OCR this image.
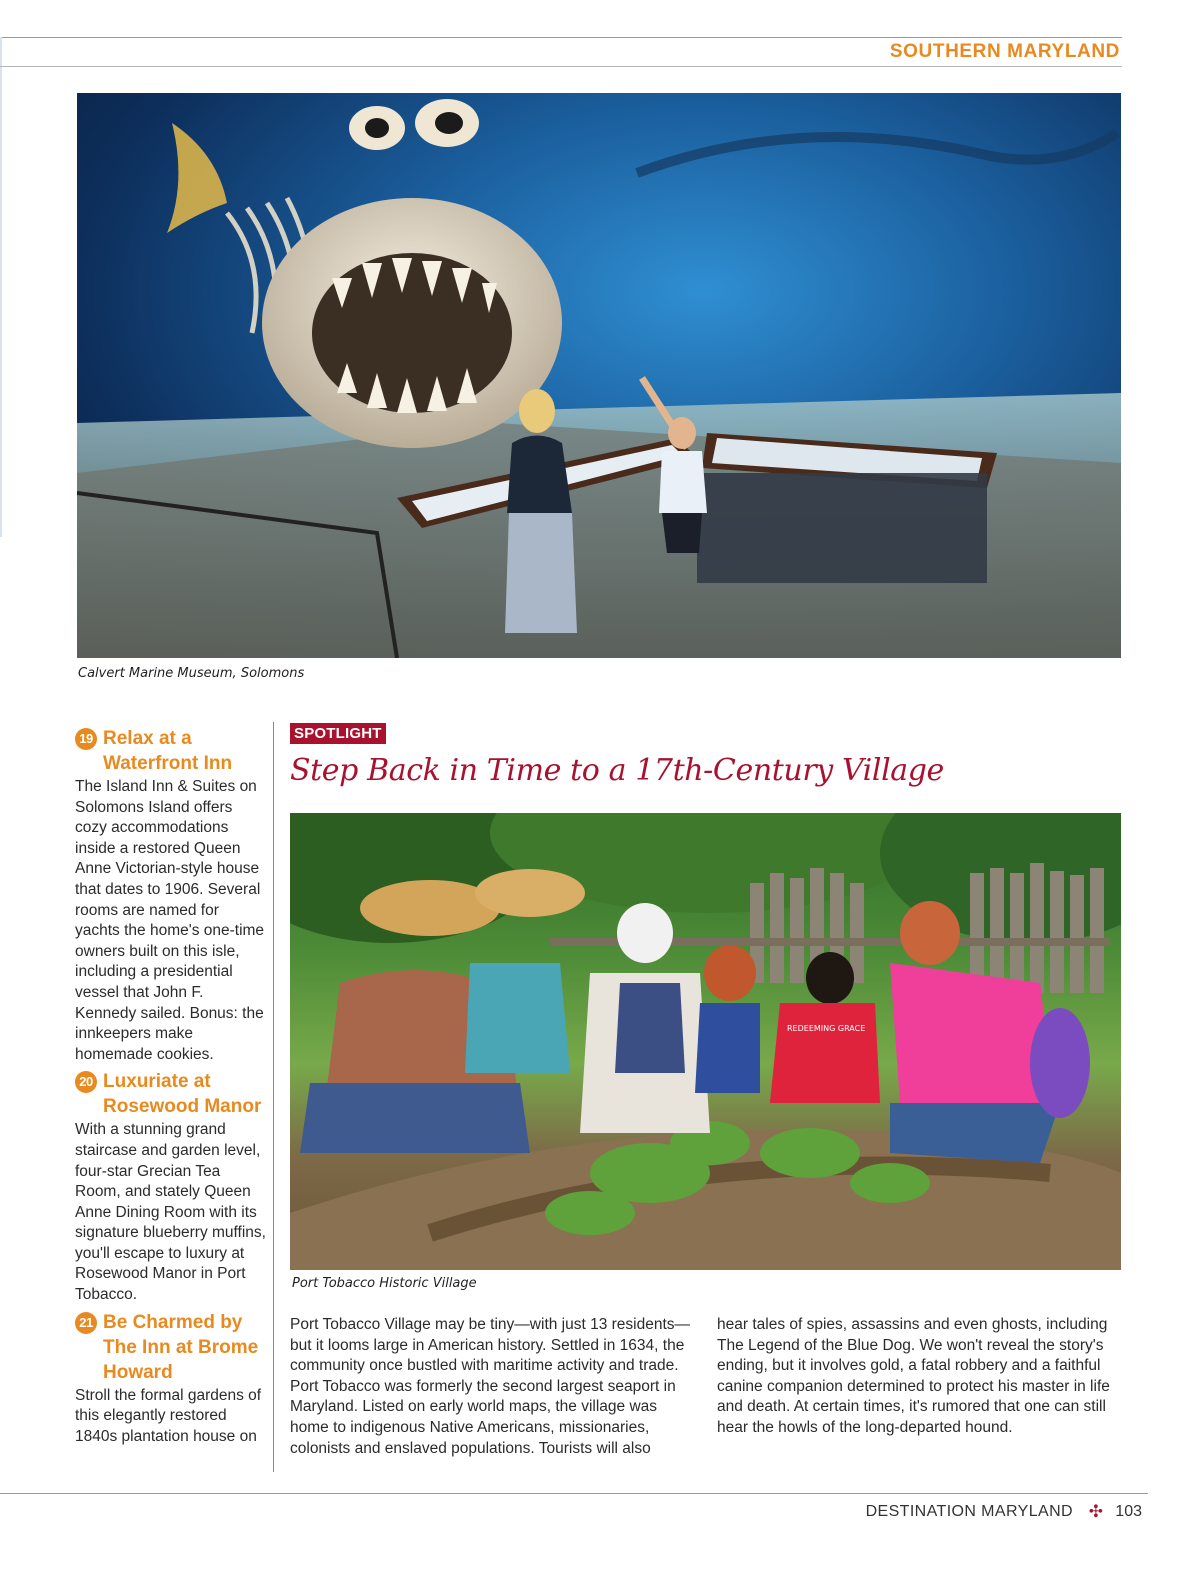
SOUTHERN MARYLAND
Calvert Marine Museum, Solomons
19 Relax at a Waterfront Inn
The Island Inn & Suites on Solomons Island offers cozy accommodations inside a restored Queen Anne Victorian-style house that dates to 1906. Several rooms are named for yachts the home's one-time owners built on this isle, including a presidential vessel that John F. Kennedy sailed. Bonus: the innkeepers make homemade cookies.
20 Luxuriate at Rosewood Manor
With a stunning grand staircase and garden level, four-star Grecian Tea Room, and stately Queen Anne Dining Room with its signature blueberry muffins, you'll escape to luxury at Rosewood Manor in Port Tobacco.
21 Be Charmed by The Inn at Brome Howard
Stroll the formal gardens of this elegantly restored 1840s plantation house on
SPOTLIGHT
Step Back in Time to a 17th-Century Village
REDEEMING GRACE
Port Tobacco Historic Village
Port Tobacco Village may be tiny—with just 13 residents—but it looms large in American history. Settled in 1634, the community once bustled with maritime activity and trade. Port Tobacco was formerly the second largest seaport in Maryland. Listed on early world maps, the village was home to indigenous Native Americans, missionaries, colonists and enslaved populations. Tourists will also
hear tales of spies, assassins and even ghosts, including The Legend of the Blue Dog. We won't reveal the story's ending, but it involves gold, a fatal robbery and a faithful canine companion determined to protect his master in life and death. At certain times, it's rumored that one can still hear the howls of the long-departed hound.
DESTINATION MARYLAND ✣ 103
